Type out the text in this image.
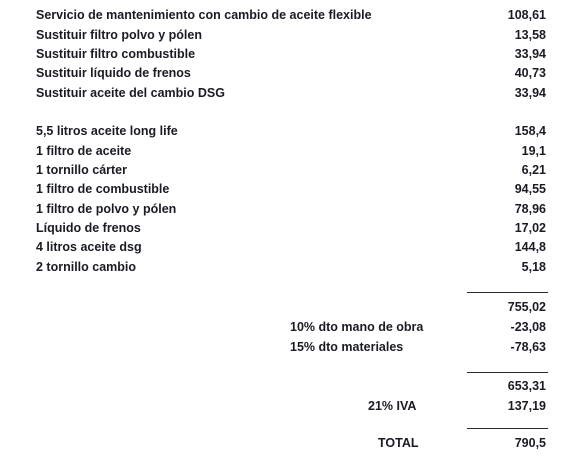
Servicio de mantenimiento con cambio de aceite flexible	108,61
Sustituir filtro polvo y pólen	13,58
Sustituir filtro combustible	33,94
Sustituir líquido de frenos	40,73
Sustituir aceite del cambio DSG	33,94
5,5 litros aceite long life	158,4
1 filtro de aceite	19,1
1 tornillo cárter	6,21
1 filtro de combustible	94,55
1 filtro de polvo y pólen	78,96
Líquido de frenos	17,02
4 litros aceite dsg	144,8
2 tornillo cambio	5,18
755,02
10% dto mano de obra	-23,08
15% dto materiales	-78,63
653,31
21% IVA	137,19
TOTAL	790,5
